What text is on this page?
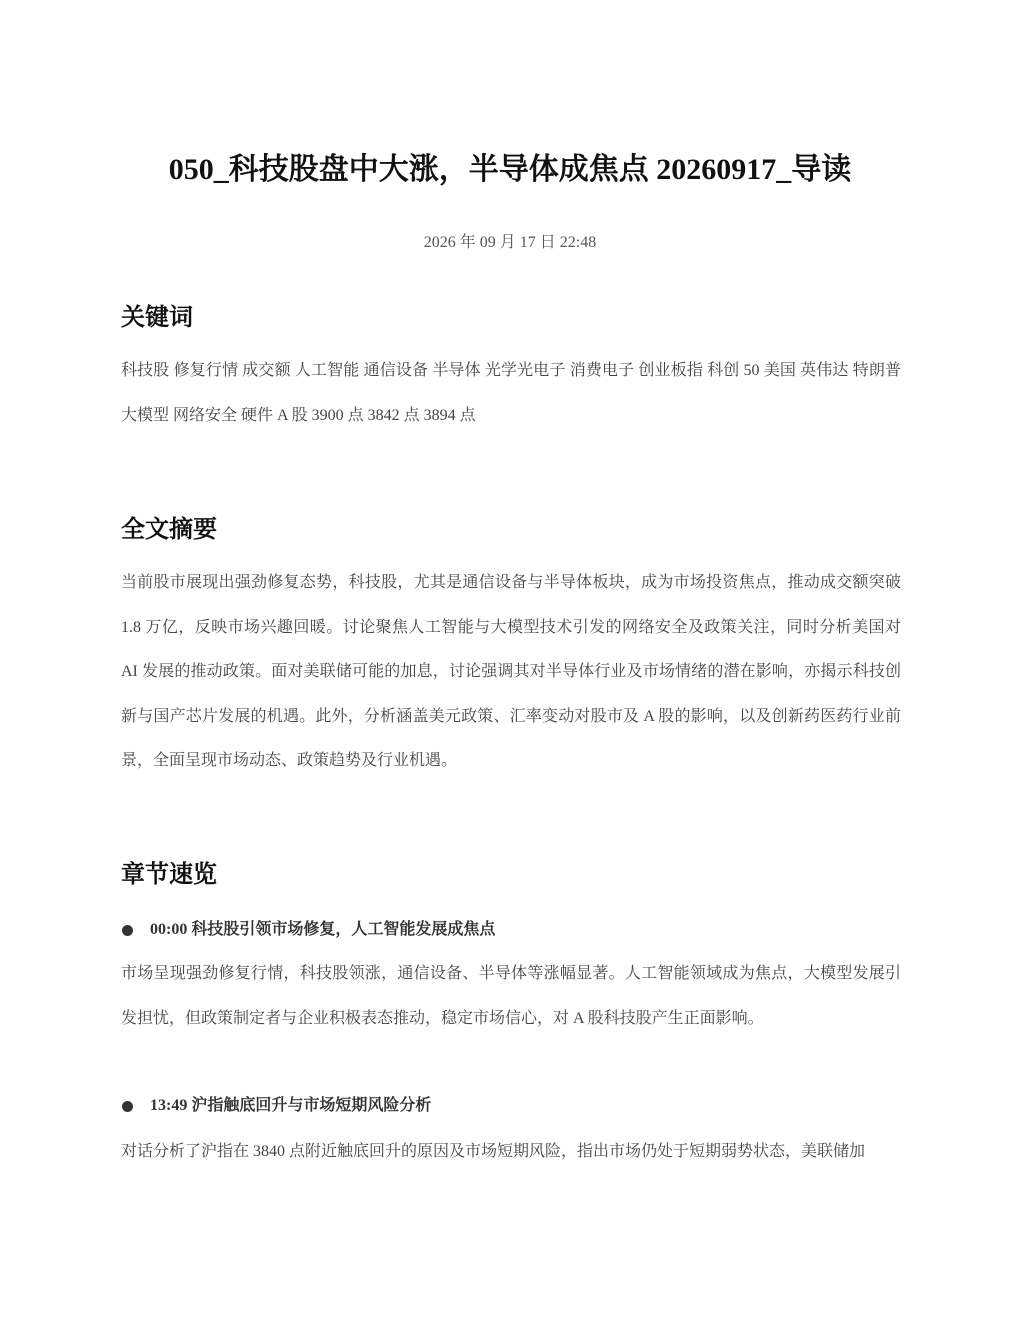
050_科技股盘中大涨，半导体成焦点 20260917_导读
2026 年 09 月 17 日 22:48
关键词

科技股 修复行情 成交额 人工智能 通信设备 半导体 光学光电子 消费电子 创业板指 科创 50 美国 英伟达 特朗普 大模型 网络安全 硬件 A 股 3900 点 3842 点 3894 点

全文摘要

当前股市展现出强劲修复态势，科技股，尤其是通信设备与半导体板块，成为市场投资焦点，推动成交额突破 1.8 万亿，反映市场兴趣回暖。讨论聚焦人工智能与大模型技术引发的网络安全及政策关注，同时分析美国对 AI 发展的推动政策。面对美联储可能的加息，讨论强调其对半导体行业及市场情绪的潜在影响，亦揭示科技创新与国产芯片发展的机遇。此外，分析涵盖美元政策、汇率变动对股市及 A 股的影响，以及创新药医药行业前景，全面呈现市场动态、政策趋势及行业机遇。

章节速览
00:00 科技股引领市场修复，人工智能发展成焦点

市场呈现强劲修复行情，科技股领涨，通信设备、半导体等涨幅显著。人工智能领域成为焦点，大模型发展引发担忧，但政策制定者与企业积极表态推动，稳定市场信心，对 A 股科技股产生正面影响。

13:49 沪指触底回升与市场短期风险分析

对话分析了沪指在 3840 点附近触底回升的原因及市场短期风险，指出市场仍处于短期弱势状态，美联储加
